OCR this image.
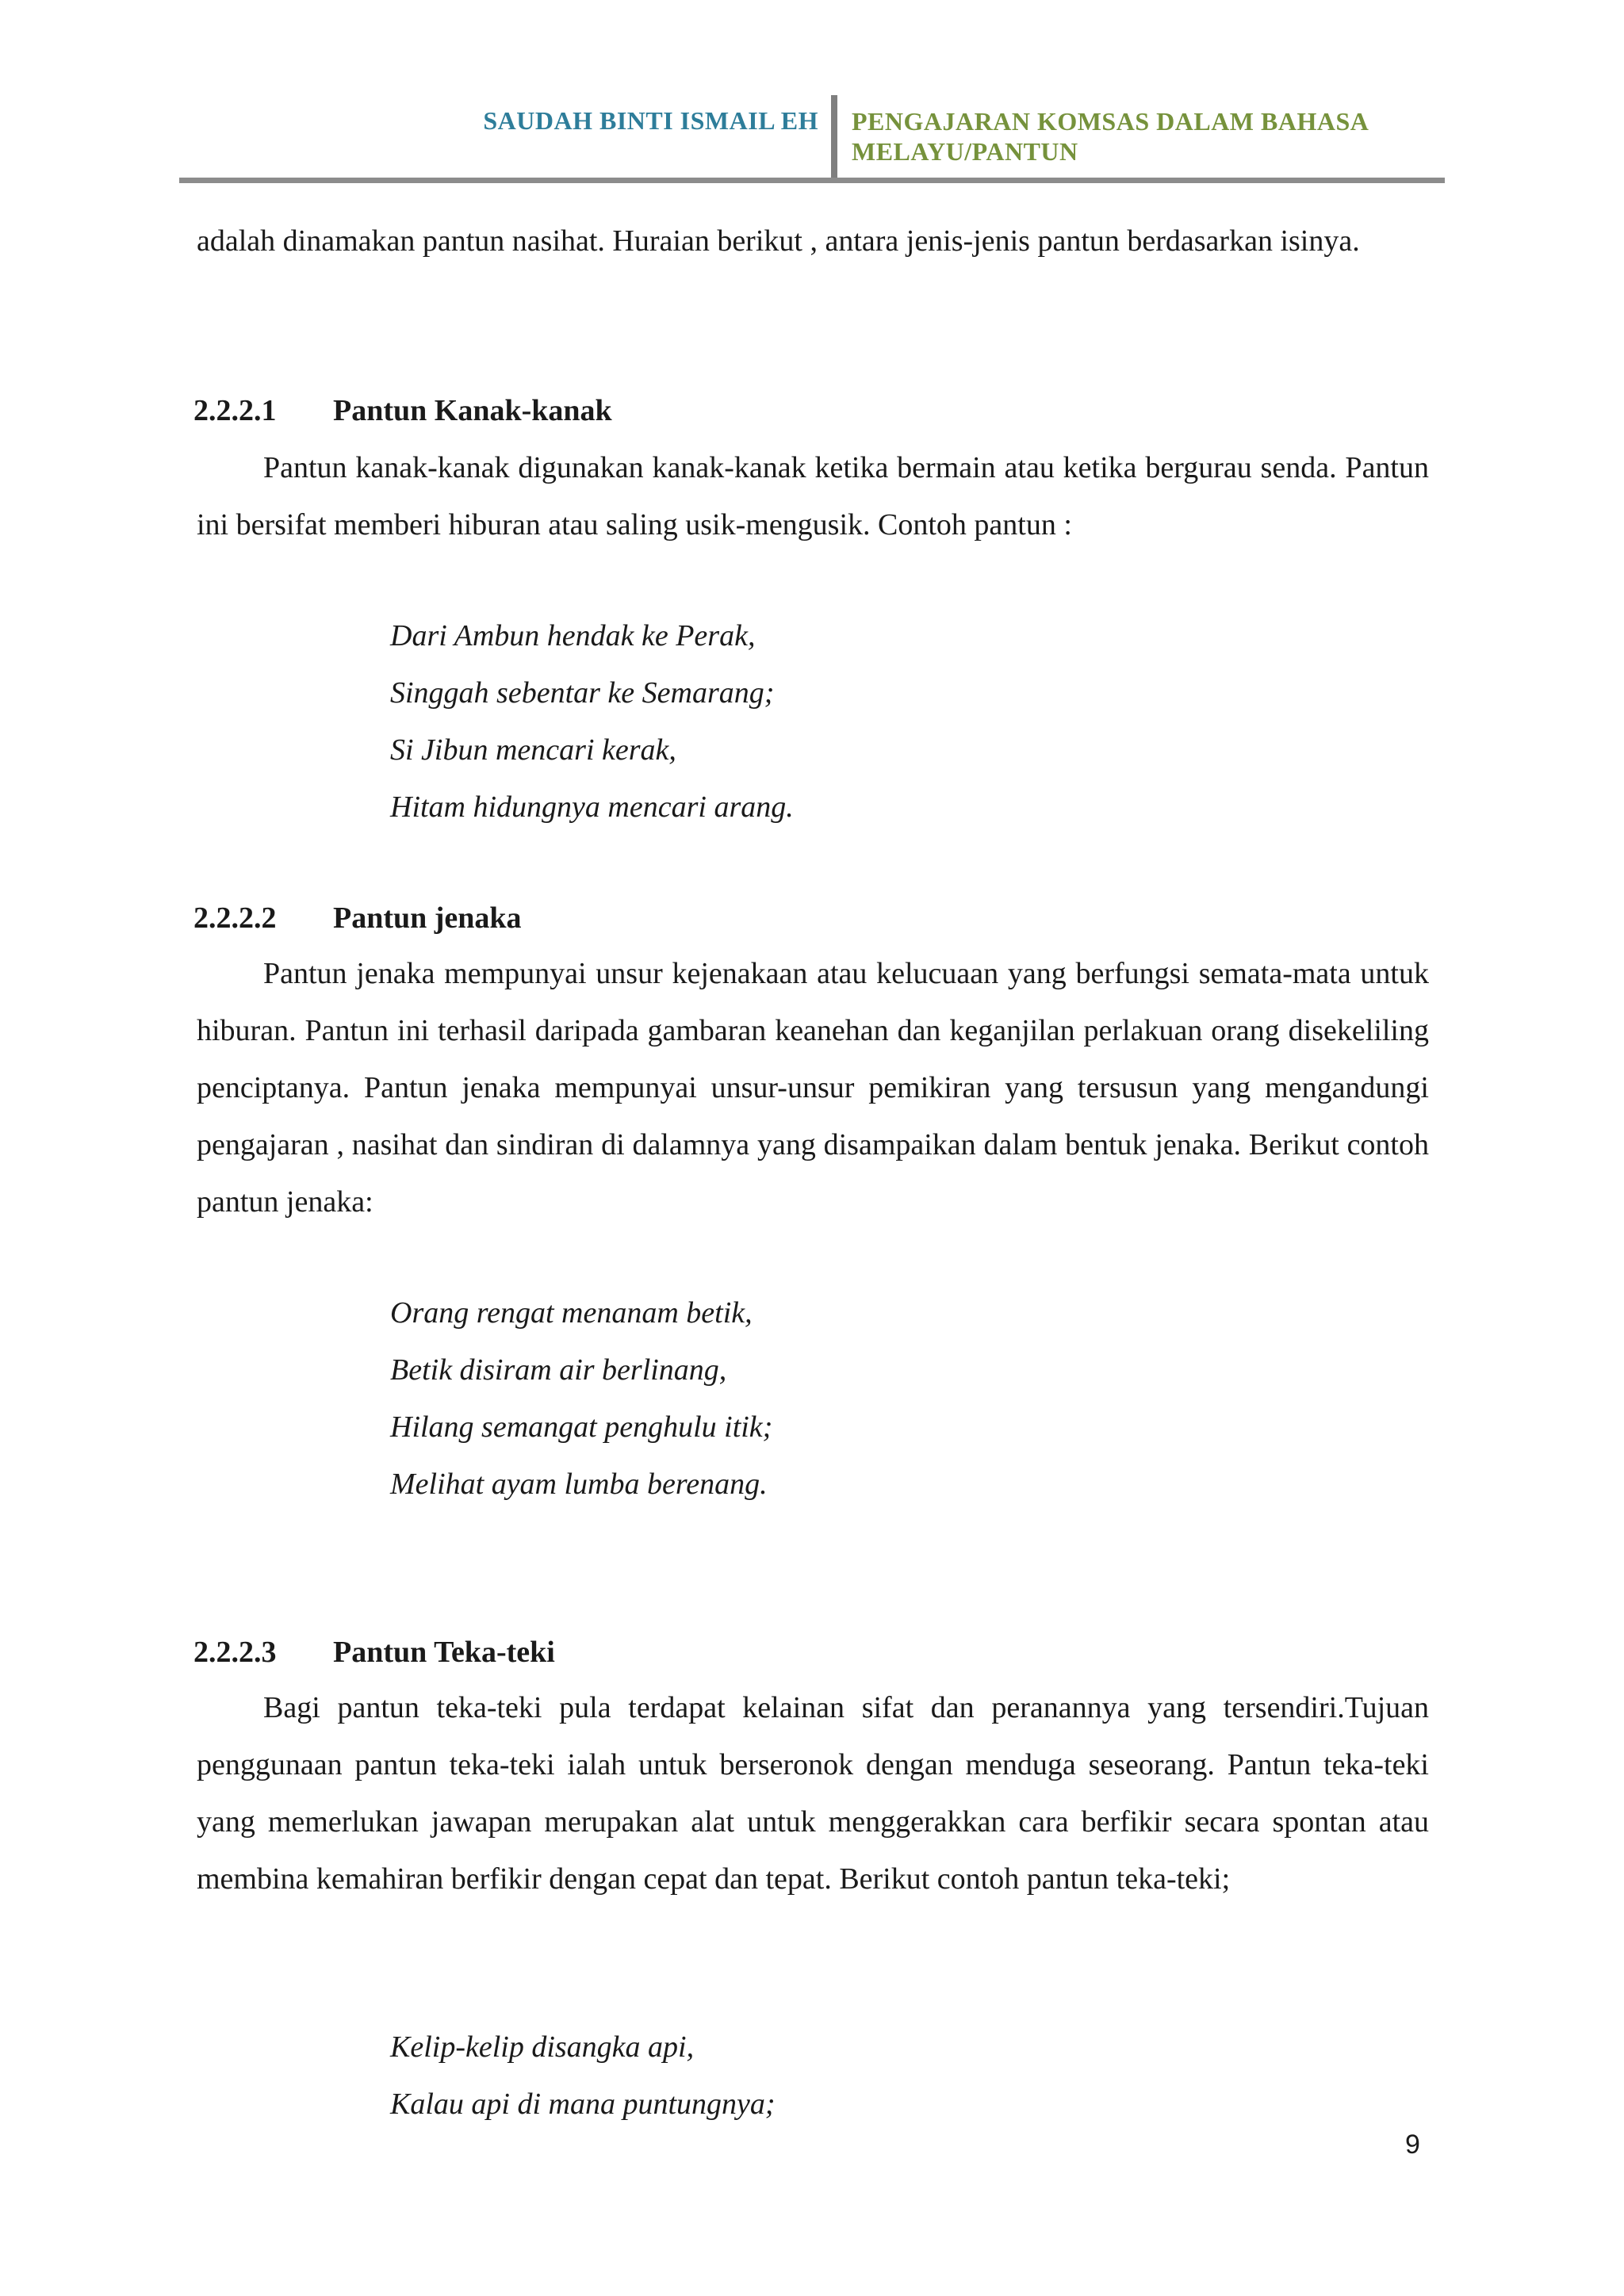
SAUDAH BINTI ISMAIL EH PENGAJARAN KOMSAS DALAM BAHASA
MELAYU/PANTUN

adalah dinamakan pantun nasihat. Huraian berikut , antara jenis-jenis pantun berdasarkan isinya.

2.2.2.1 Pantun Kanak-kanak

Pantun kanak-kanak digunakan kanak-kanak ketika bermain atau ketika bergurau senda. Pantun ini bersifat memberi hiburan atau saling usik-mengusik. Contoh pantun :

Dari Ambun hendak ke Perak,
Singgah sebentar ke Semarang;
Si Jibun mencari kerak,
Hitam hidungnya mencari arang.
2.2.2.2 Pantun jenaka

Pantun jenaka mempunyai unsur kejenakaan atau kelucuaan yang berfungsi semata-mata untuk hiburan. Pantun ini terhasil daripada gambaran keanehan dan keganjilan perlakuan orang disekeliling penciptanya. Pantun jenaka mempunyai unsur-unsur pemikiran yang tersusun yang mengandungi pengajaran , nasihat dan sindiran di dalamnya yang disampaikan dalam bentuk jenaka. Berikut contoh pantun jenaka:

Orang rengat menanam betik,
Betik disiram air berlinang,
Hilang semangat penghulu itik;
Melihat ayam lumba berenang.
2.2.2.3 Pantun Teka-teki

Bagi pantun teka-teki pula terdapat kelainan sifat dan peranannya yang tersendiri.Tujuan penggunaan pantun teka-teki ialah untuk berseronok dengan menduga seseorang. Pantun teka-teki yang memerlukan jawapan merupakan alat untuk menggerakkan cara berfikir secara spontan atau membina kemahiran berfikir dengan cepat dan tepat. Berikut contoh pantun teka-teki;

Kelip-kelip disangka api,
Kalau api di mana puntungnya;
9
